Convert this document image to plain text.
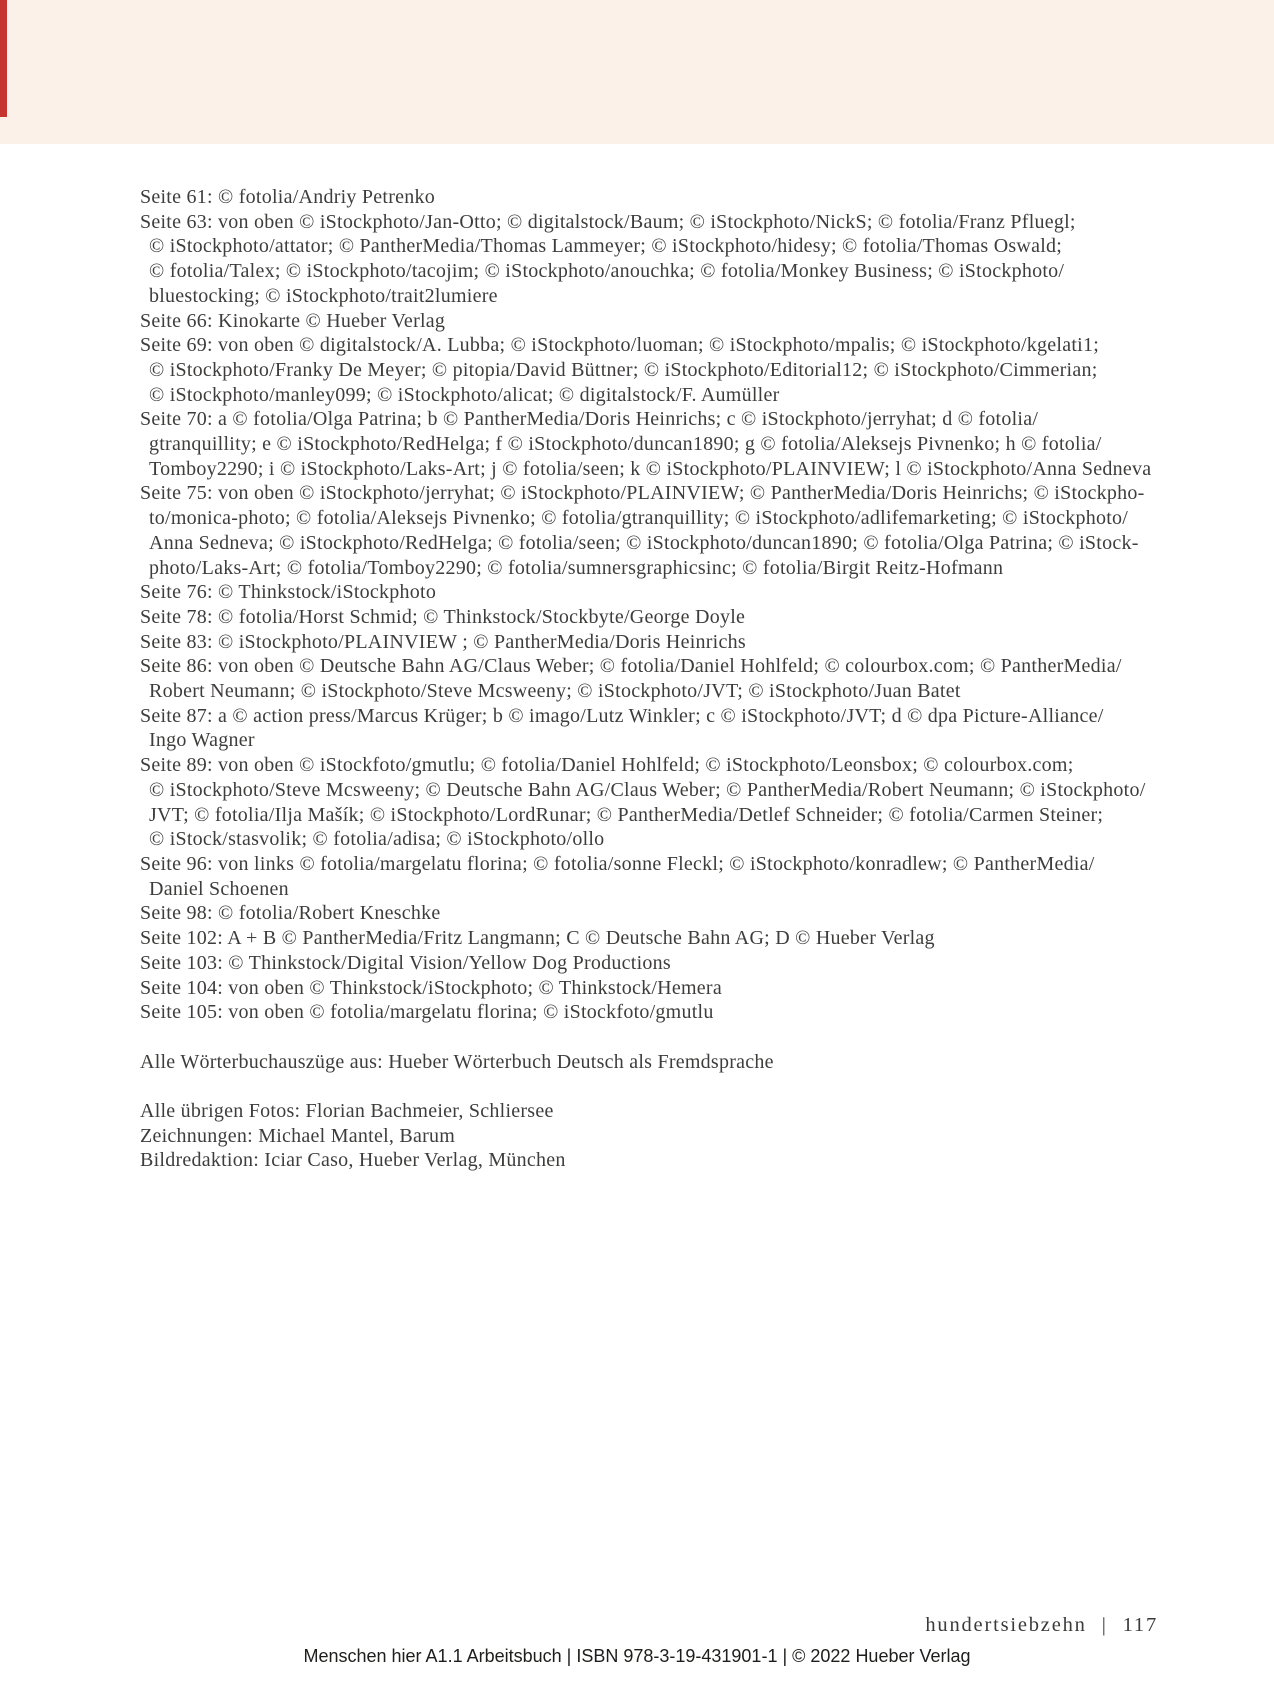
Seite 61: © fotolia/Andriy Petrenko
Seite 63: von oben © iStockphoto/Jan-Otto; © digitalstock/Baum; © iStockphoto/NickS; © fotolia/Franz Pfluegl;
© iStockphoto/attator; © PantherMedia/Thomas Lammeyer; © iStockphoto/hidesy; © fotolia/Thomas Oswald;
© fotolia/Talex; © iStockphoto/tacojim; © iStockphoto/anouchka; © fotolia/Monkey Business; © iStockphoto/
bluestocking; © iStockphoto/trait2lumiere
Seite 66: Kinokarte © Hueber Verlag
Seite 69: von oben © digitalstock/A. Lubba; © iStockphoto/luoman; © iStockphoto/mpalis; © iStockphoto/kgelati1;
© iStockphoto/Franky De Meyer; © pitopia/David Büttner; © iStockphoto/Editorial12; © iStockphoto/Cimmerian;
© iStockphoto/manley099; © iStockphoto/alicat; © digitalstock/F. Aumüller
Seite 70: a © fotolia/Olga Patrina; b © PantherMedia/Doris Heinrichs; c © iStockphoto/jerryhat; d © fotolia/
gtranquillity; e © iStockphoto/RedHelga; f © iStockphoto/duncan1890; g © fotolia/Aleksejs Pivnenko; h © fotolia/
Tomboy2290; i © iStockphoto/Laks-Art; j © fotolia/seen; k © iStockphoto/PLAINVIEW; l © iStockphoto/Anna Sedneva
Seite 75: von oben © iStockphoto/jerryhat; © iStockphoto/PLAINVIEW; © PantherMedia/Doris Heinrichs; © iStockpho-
to/monica-photo; © fotolia/Aleksejs Pivnenko; © fotolia/gtranquillity; © iStockphoto/adlifemarketing; © iStockphoto/
Anna Sedneva; © iStockphoto/RedHelga; © fotolia/seen; © iStockphoto/duncan1890; © fotolia/Olga Patrina; © iStock-
photo/Laks-Art; © fotolia/Tomboy2290; © fotolia/sumnersgraphicsinc; © fotolia/Birgit Reitz-Hofmann
Seite 76: © Thinkstock/iStockphoto
Seite 78: © fotolia/Horst Schmid; © Thinkstock/Stockbyte/George Doyle
Seite 83: © iStockphoto/PLAINVIEW ; © PantherMedia/Doris Heinrichs
Seite 86: von oben © Deutsche Bahn AG/Claus Weber; © fotolia/Daniel Hohlfeld; © colourbox.com; © PantherMedia/
Robert Neumann; © iStockphoto/Steve Mcsweeny; © iStockphoto/JVT; © iStockphoto/Juan Batet
Seite 87: a © action press/Marcus Krüger; b © imago/Lutz Winkler; c © iStockphoto/JVT; d © dpa Picture-Alliance/
Ingo Wagner
Seite 89: von oben © iStockfoto/gmutlu; © fotolia/Daniel Hohlfeld; © iStockphoto/Leonsbox; © colourbox.com;
© iStockphoto/Steve Mcsweeny; © Deutsche Bahn AG/Claus Weber; © PantherMedia/Robert Neumann; © iStockphoto/
JVT; © fotolia/Ilja Mašík; © iStockphoto/LordRunar; © PantherMedia/Detlef Schneider; © fotolia/Carmen Steiner;
© iStock/stasvolik; © fotolia/adisa; © iStockphoto/ollo
Seite 96: von links © fotolia/margelatu florina; © fotolia/sonne Fleckl; © iStockphoto/konradlew; © PantherMedia/
Daniel Schoenen
Seite 98: © fotolia/Robert Kneschke
Seite 102: A + B © PantherMedia/Fritz Langmann; C © Deutsche Bahn AG; D © Hueber Verlag
Seite 103: © Thinkstock/Digital Vision/Yellow Dog Productions
Seite 104: von oben © Thinkstock/iStockphoto; © Thinkstock/Hemera
Seite 105: von oben © fotolia/margelatu florina; © iStockfoto/gmutlu
Alle Wörterbuchauszüge aus: Hueber Wörterbuch Deutsch als Fremdsprache
Alle übrigen Fotos: Florian Bachmeier, Schliersee
Zeichnungen: Michael Mantel, Barum
Bildredaktion: Iciar Caso, Hueber Verlag, München
hundertsiebzehn | 117
Menschen hier A1.1 Arbeitsbuch | ISBN 978-3-19-431901-1 | © 2022 Hueber Verlag
